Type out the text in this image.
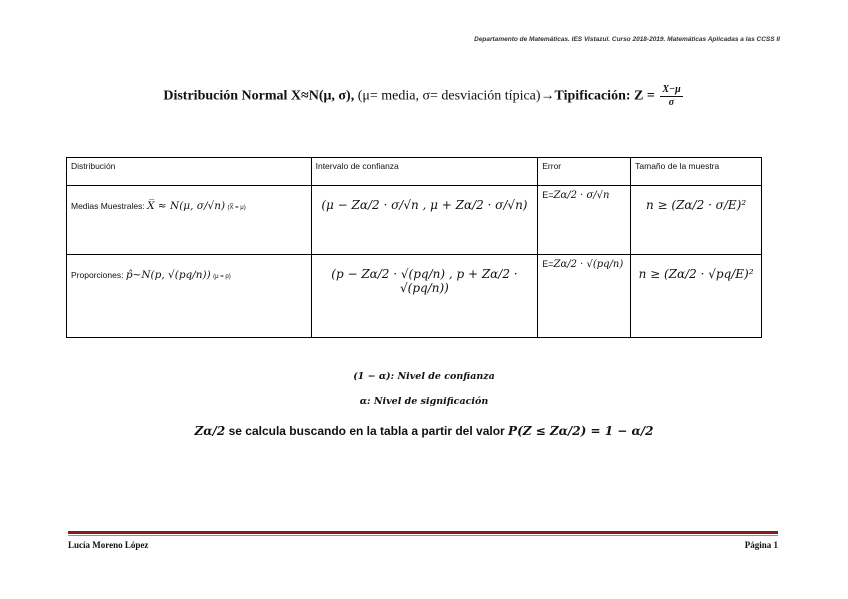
Departamento de Matemáticas. IES Vistazul. Curso 2018-2019. Matemáticas Aplicadas a las CCSS II
Distribución Normal X≈N(μ, σ), (μ= media, σ= desviación típica)→Tipificación: $Z = \frac{X-\mu}{\sigma}$
Distribución	Intervalo de confianza	Error	Tamaño de la muestra
Medias Muestrales: X̅ ≈ N(μ, σ/√n) (X̅ = μ)	(μ − Zα/2 · σ/√n , μ + Zα/2 · σ/√n)	E=Zα/2 · σ/√n	n ≥ (Zα/2 · σ/E)²
Proporciones: p̂~N(p, √(pq/n)) (μ = p)	(p − Zα/2 · √(pq/n) , p + Zα/2 · √(pq/n))	E=Zα/2 · √(pq/n)	n ≥ (Zα/2 · √pq/E)²
(1 − α): Nivel de confianza
α: Nivel de significación
Zα/2 se calcula buscando en la tabla a partir del valor P(Z ≤ Zα/2) = 1 − α/2
Lucía Moreno López	Página 1
